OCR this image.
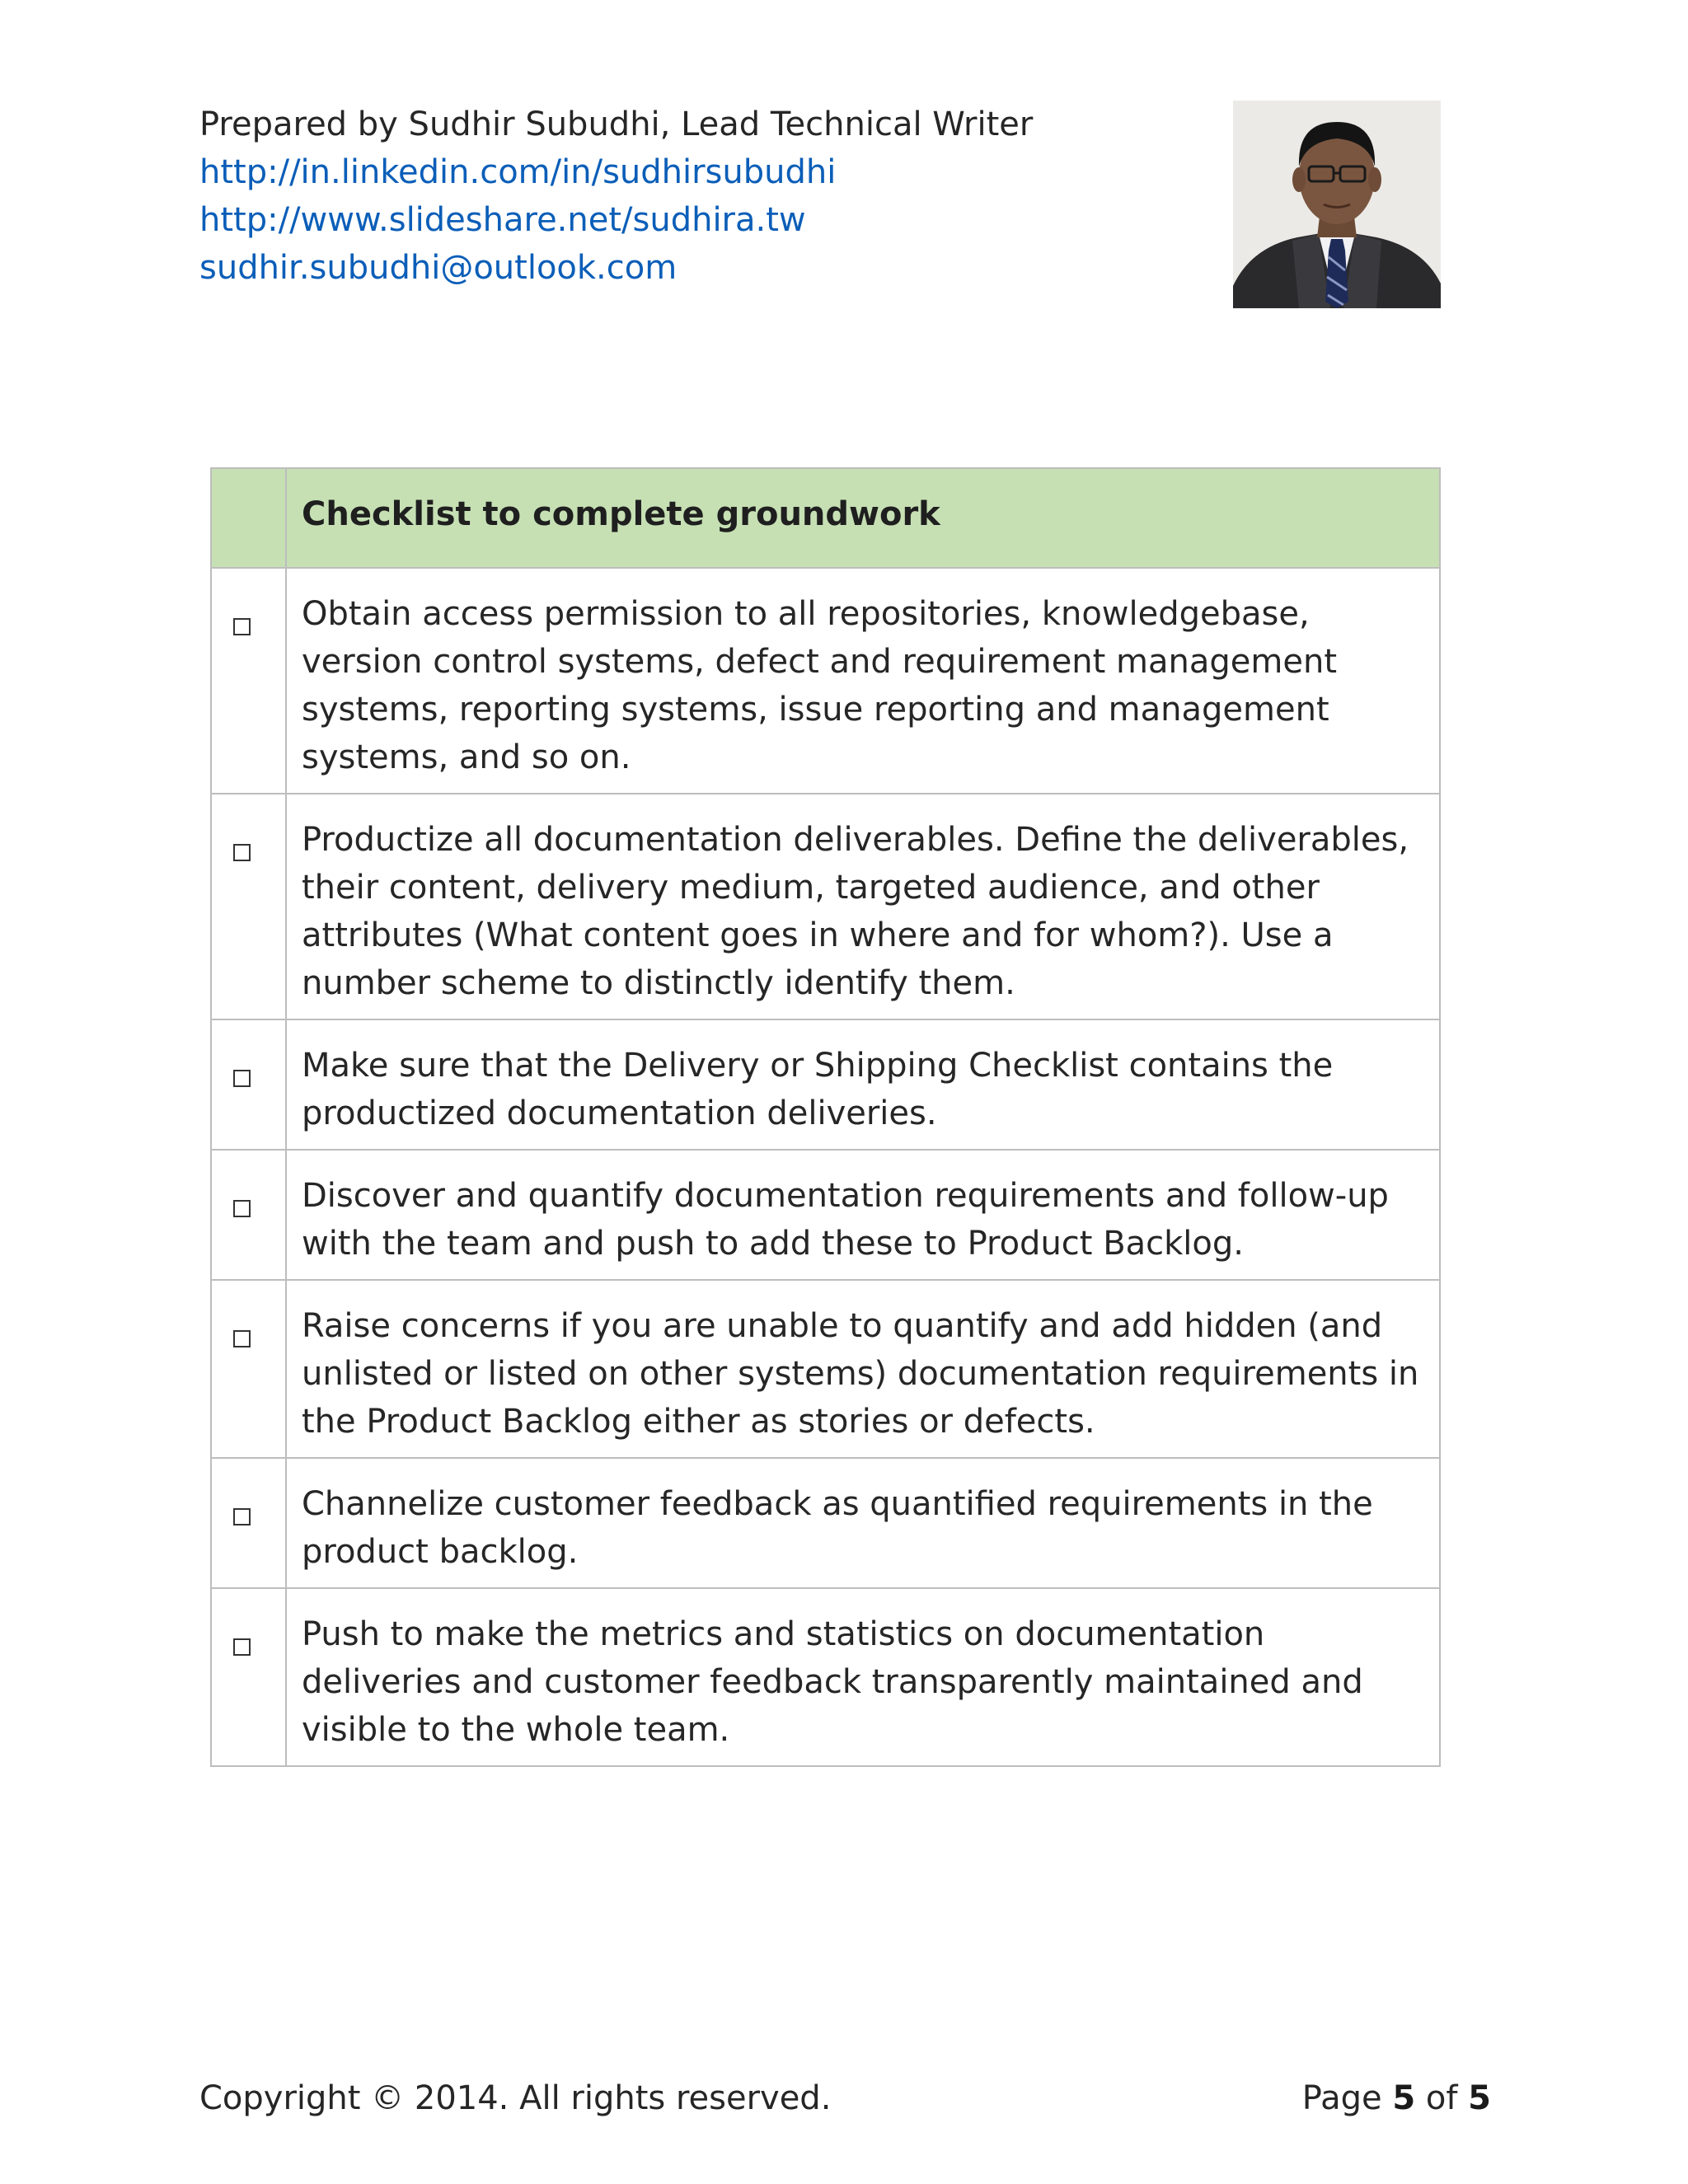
Prepared by Sudhir Subudhi, Lead Technical Writer
http://in.linkedin.com/in/sudhirsubudhi
http://www.slideshare.net/sudhira.tw
sudhir.subudhi@outlook.com

	Checklist to complete groundwork

	Obtain access permission to all repositories, knowledgebase, version control systems, defect and requirement management systems, reporting systems, issue reporting and management systems, and so on.

	Productize all documentation deliverables. Define the deliverables, their content, delivery medium, targeted audience, and other attributes (What content goes in where and for whom?). Use a number scheme to distinctly identify them.

	Make sure that the Delivery or Shipping Checklist contains the productized documentation deliveries.

	Discover and quantify documentation requirements and follow-up with the team and push to add these to Product Backlog.

	Raise concerns if you are unable to quantify and add hidden (and unlisted or listed on other systems) documentation requirements in the Product Backlog either as stories or defects.

	Channelize customer feedback as quantified requirements in the product backlog.

	Push to make the metrics and statistics on documentation deliveries and customer feedback transparently maintained and visible to the whole team.
Copyright © 2014. All rights reserved.	Page 5 of 5
